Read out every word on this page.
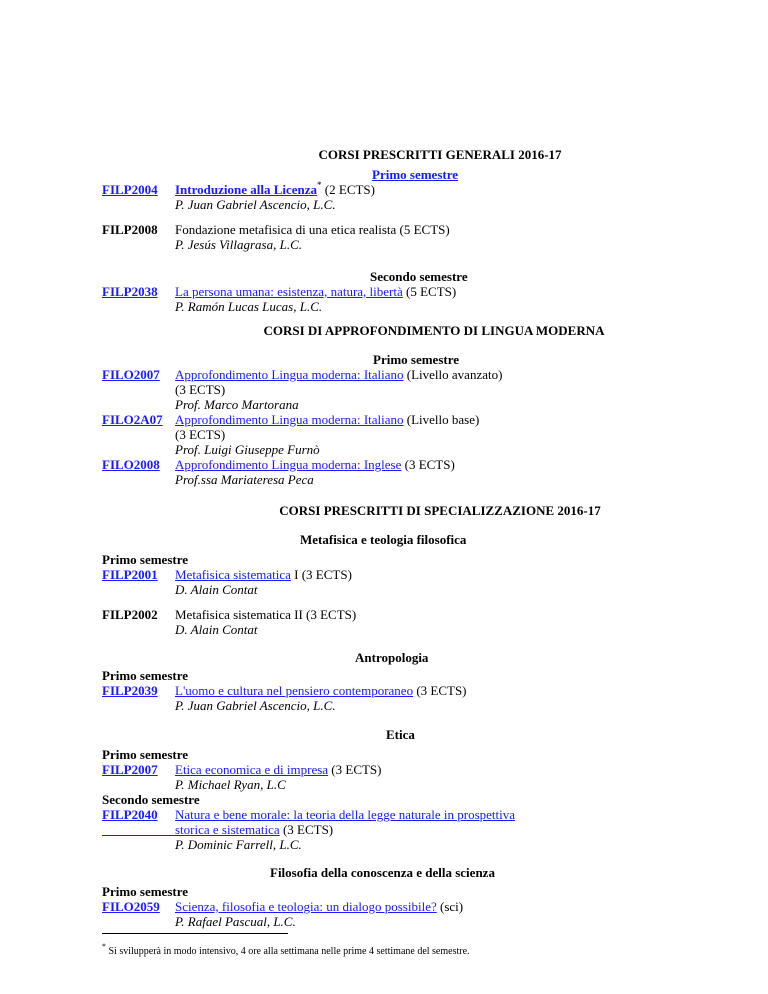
CORSI PRESCRITTI GENERALI 2016-17
Primo semestre
FILP2004	Introduzione alla Licenza* (2 ECTS)
P. Juan Gabriel Ascencio, L.C.
FILP2008 Fondazione metafisica di una etica realista (5 ECTS)
P. Jesús Villagrasa, L.C.
Secondo semestre
FILP2038	La persona umana: esistenza, natura, libertà (5 ECTS)
P. Ramón Lucas Lucas, L.C.
CORSI DI APPROFONDIMENTO DI LINGUA MODERNA
Primo semestre
FILO2007	Approfondimento Lingua moderna: Italiano (Livello avanzato)
(3 ECTS)
Prof. Marco Martorana
FILO2A07 Approfondimento Lingua moderna: Italiano (Livello base)
(3 ECTS)
Prof. Luigi Giuseppe Furnò
FILO2008	Approfondimento Lingua moderna: Inglese (3 ECTS)
Prof.ssa Mariateresa Peca
CORSI PRESCRITTI DI SPECIALIZZAZIONE 2016-17
Metafisica e teologia filosofica
Primo semestre
FILP2001	Metafisica sistematica I (3 ECTS)
D. Alain Contat
FILP2002 Metafisica sistematica II (3 ECTS)
D. Alain Contat
Antropologia
Primo semestre
FILP2039	L'uomo e cultura nel pensiero contemporaneo (3 ECTS)
P. Juan Gabriel Ascencio, L.C.
Etica
Primo semestre
FILP2007	Etica economica e di impresa (3 ECTS)
P. Michael Ryan, L.C
Secondo semestre
FILP2040	Natura e bene morale: la teoria della legge naturale in prospettiva
storica e sistematica (3 ECTS)
P. Dominic Farrell, L.C.
Filosofia della conoscenza e della scienza
Primo semestre
FILO2059	Scienza, filosofia e teologia: un dialogo possibile? (sci)
P. Rafael Pascual, L.C.
* Si svilupperà in modo intensivo, 4 ore alla settimana nelle prime 4 settimane del semestre.
